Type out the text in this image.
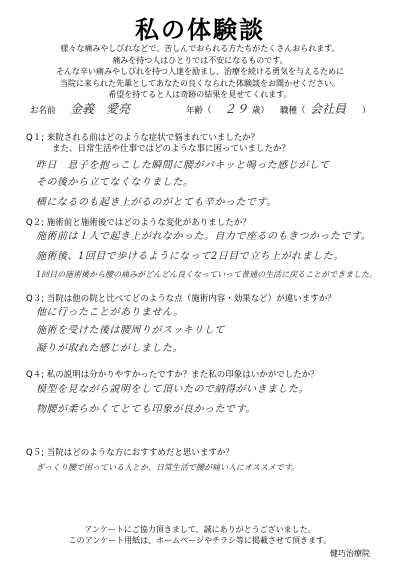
私の体験談
様々な痛みやしびれなどで、苦しんでおられる方たちがたくさんおられます。
痛みを持つ人はひとりでは不安になるものです。
そんな辛い痛みやしびれを持つ人達を励まし、治療を続ける勇気を与えるために
当院に来られた先輩としてあなたの良くなられた体験談をお聞かせください。
希望を持てると人は奇跡の結果を見せてくれます。
お名前 金義　愛亮	年齢（ ２９ 歳） 職種（ 会社員 ）
Q１; 来院される前はどのような症状で悩まれていましたか？
また、日常生活や仕事ではどのような事に困っていましたか？
昨日　息子を抱っこした瞬間に腰がバキッと鳴った感じがして
その後から立てなくなりました。
横になるのも起き上がるのがとても辛かったです。
Q２; 施術前と施術後ではどのような変化がありましたか？
施術前は１人で起き上がれなかった。自力で座るのもきつかったです。
施術後、1回目で歩けるようになって2日目で立ち上がれました。
1回目の施術後から腰の痛みがどんどん良くなっていって普通の生活に戻ることができました。
Q３; 当院は他の院と比べてどのような点（施術内容・効果など）が違いますか？
他に行ったことがありません。
施術を受けた後は腰周りがスッキリして
凝りが取れた感じがしました。
Q４; 私の説明は分かりやすかったですか？また私の印象はいかがでしたか？
模型を見ながら説明をして頂いたので納得がいきました。
物腰が柔らかくてとても印象が良かったです。
Q５; 当院はどのような方におすすめだと思いますか？
ぎっくり腰で困っている人とか、日常生活で腰が痛い人にオススメです。
アンケートにご協力頂きまして、誠にありがとうございました。
このアンケート用紙は、ホームページやチラシ等に掲載させて頂きます。
健巧治療院
